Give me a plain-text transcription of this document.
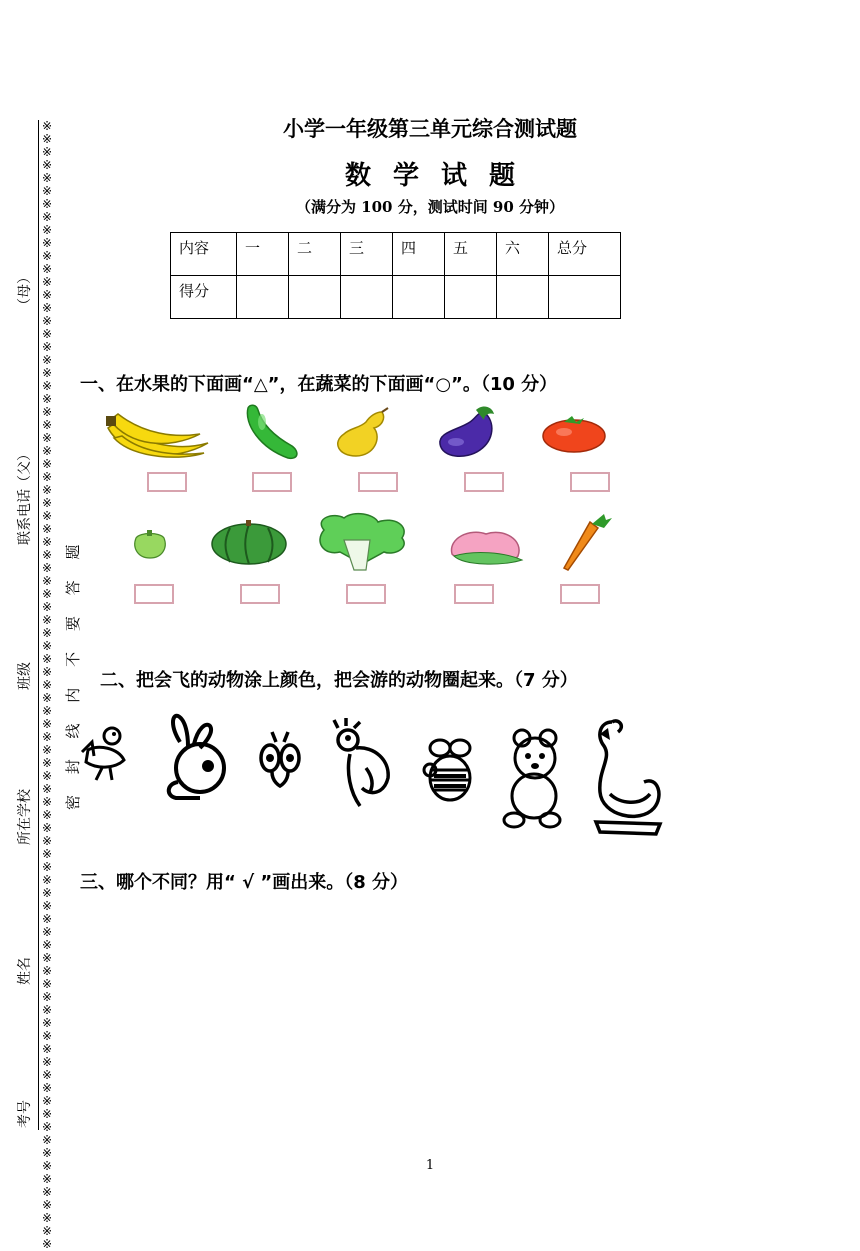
※※※※※※※※※※※※※※※※※※※※※※※※※※※※※※※※※※※※※※※※※※※※※※※※※※※※※※※※※※※※※※※※※※※※※※※※※※※※※※※※※※※※※※※
考号
姓名
所在学校
班级
联系电话（父）
（母）
密 封 线 内 不 要 答 题
小学一年级第三单元综合测试题
数学试题
（满分为 100 分，测试时间 90 分钟）
内容	一	二	三	四	五	六	总分
得分							
一、在水果的下面画“△”，在蔬菜的下面画“○”。（10 分）
二、把会飞的动物涂上颜色，把会游的动物圈起来。（7 分）
三、哪个不同？用“ √ ”画出来。（8 分）
1
